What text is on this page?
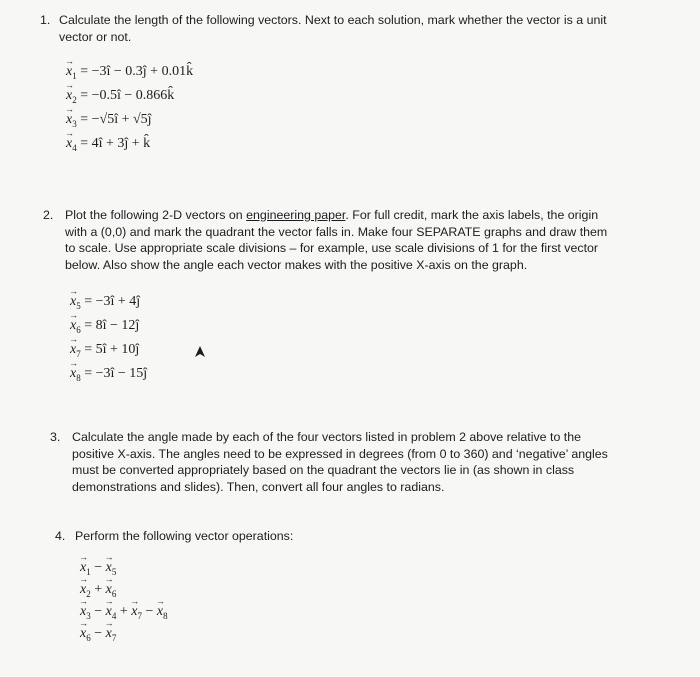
1. Calculate the length of the following vectors. Next to each solution, mark whether the vector is a unit vector or not.
→ $x_1$ = −3î − 0.3ĵ + 0.01k̂
→ $x_2$ = −0.5î − 0.866k̂
→ $x_3$ = −√5î + √5ĵ
→ $x_4$ = 4î + 3ĵ + k̂
2. Plot the following 2-D vectors on engineering paper. For full credit, mark the axis labels, the origin with a (0,0) and mark the quadrant the vector falls in. Make four SEPARATE graphs and draw them to scale. Use appropriate scale divisions – for example, use scale divisions of 1 for the first vector below. Also show the angle each vector makes with the positive X-axis on the graph.
→ $x_5$ = −3î + 4ĵ
→ $x_6$ = 8î − 12ĵ
→ $x_7$ = 5î + 10ĵ
→ $x_8$ = −3î − 15ĵ
3. Calculate the angle made by each of the four vectors listed in problem 2 above relative to the positive X-axis. The angles need to be expressed in degrees (from 0 to 360) and ‘negative’ angles must be converted appropriately based on the quadrant the vectors lie in (as shown in class demonstrations and slides). Then, convert all four angles to radians.
4. Perform the following vector operations:
→ $x_1$ − → $x_5$
→ $x_2$ + → $x_6$
→ $x_3$ − → $x_4$ + → $x_7$ − → $x_8$
→ $x_6$ − → $x_7$
